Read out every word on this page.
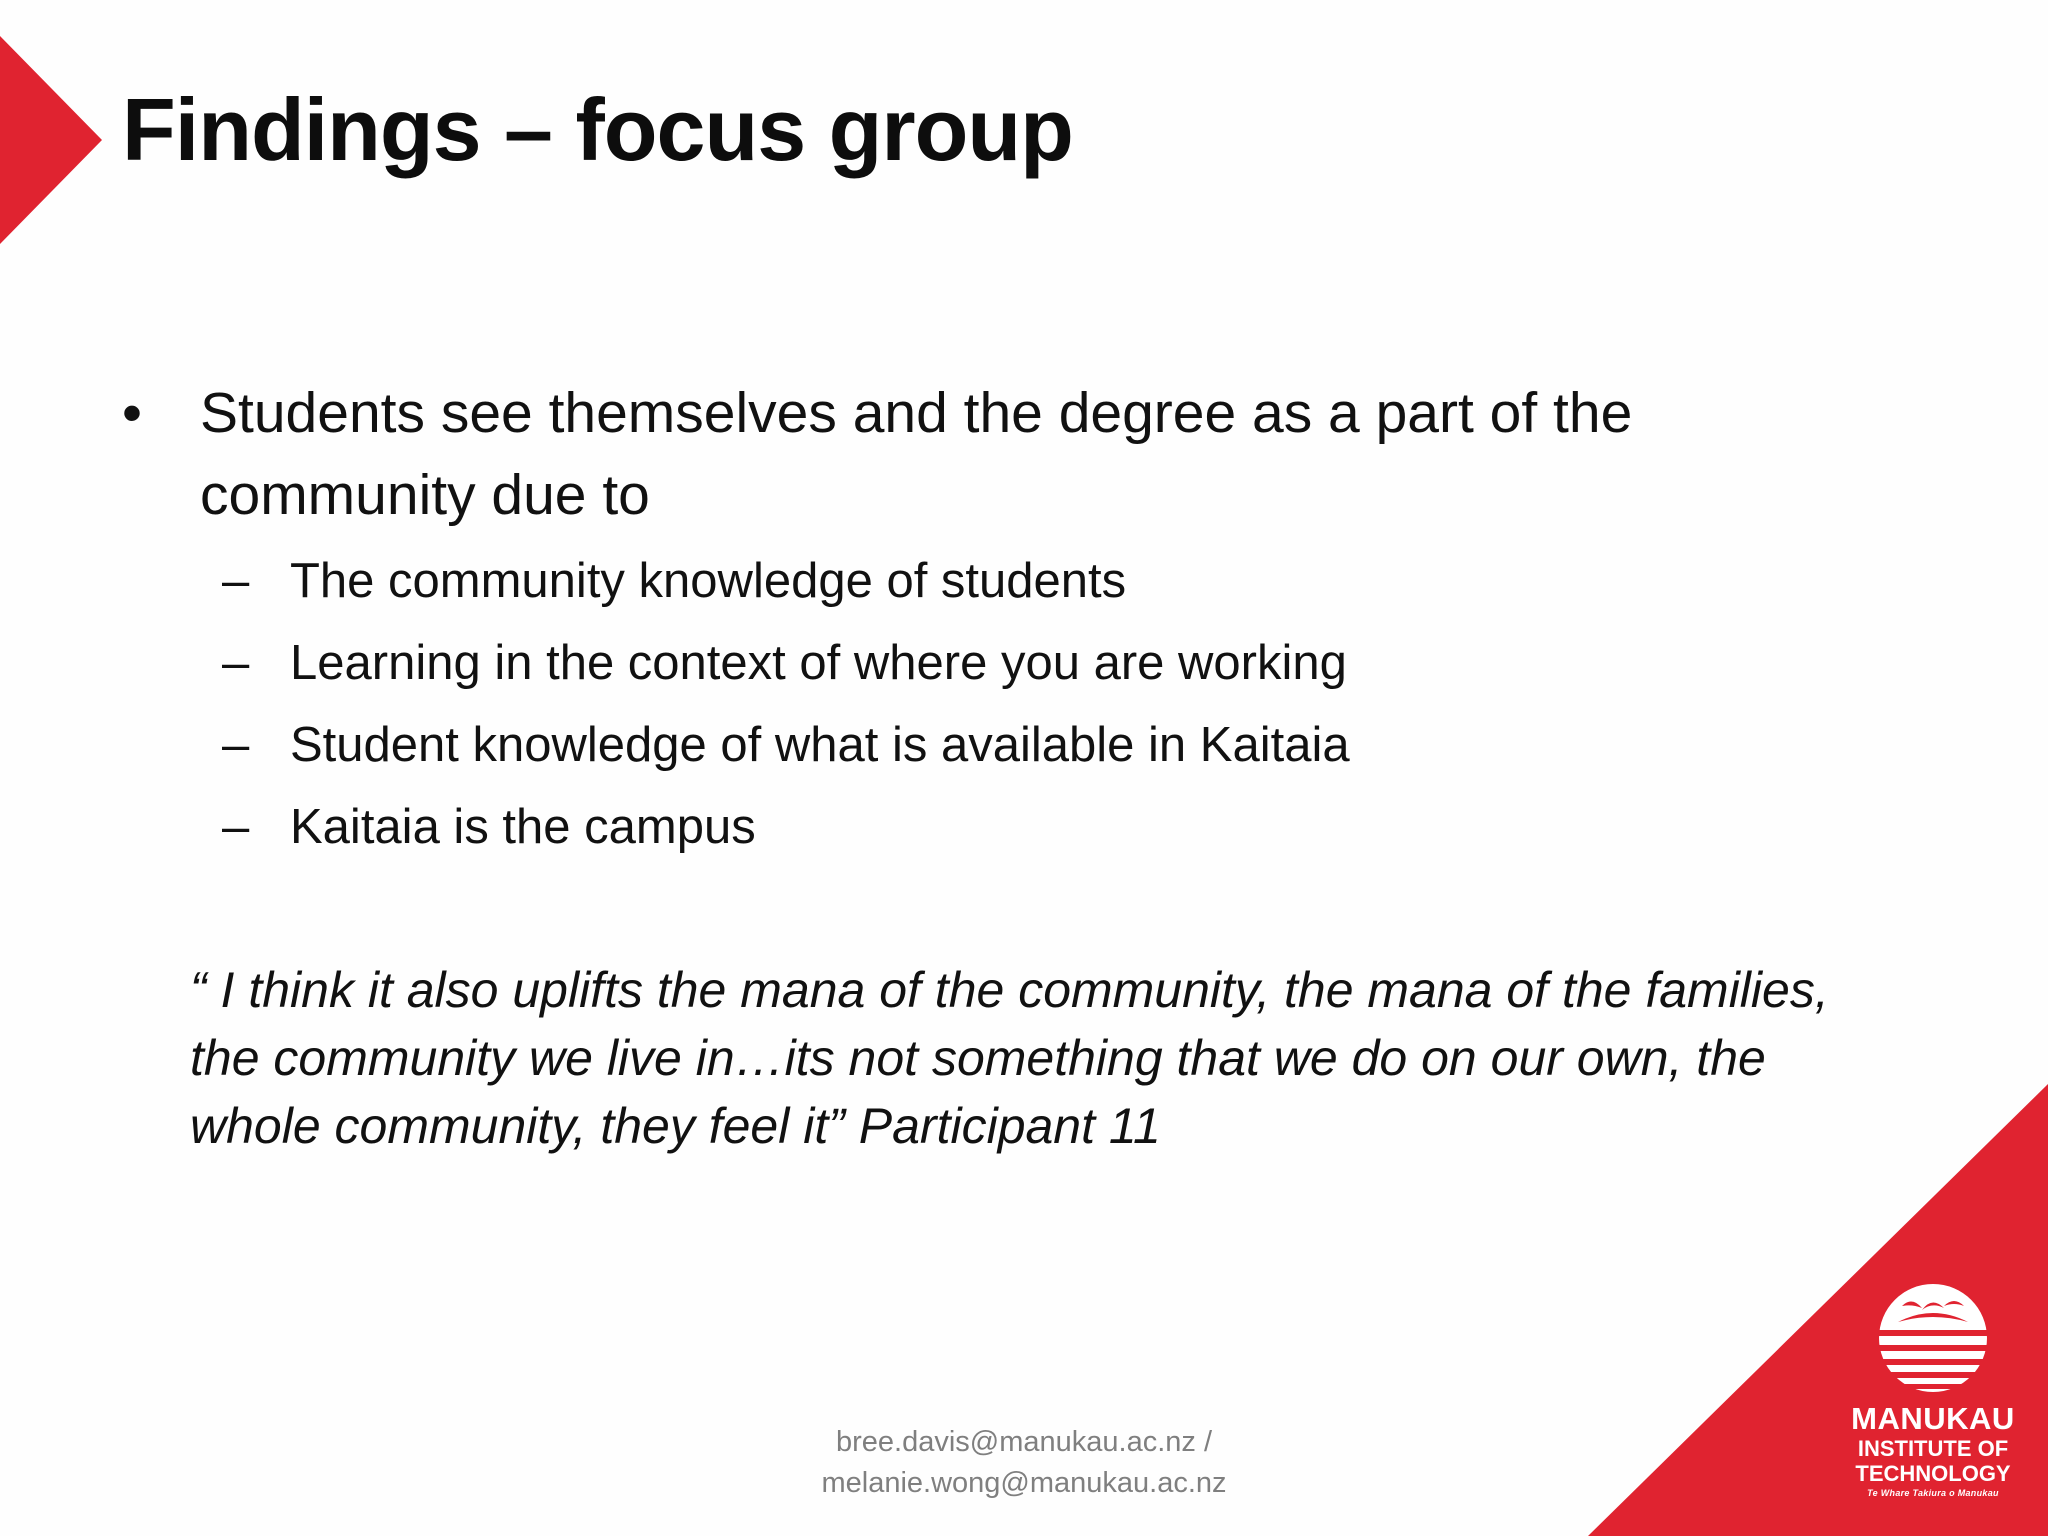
Findings – focus group
•	Students see themselves and the degree as a part of the community due to
– The community knowledge of students
– Learning in the context of where you are working
– Student knowledge of what is available in Kaitaia
– Kaitaia is the campus

“ I think it also uplifts the mana of the community, the mana of the families, the community we live in…its not something that we do on our own, the whole community, they feel it” Participant 11

bree.davis@manukau.ac.nz /
melanie.wong@manukau.ac.nz
MANUKAU
INSTITUTE OF
TECHNOLOGY
Te Whare Takiura o Manukau
